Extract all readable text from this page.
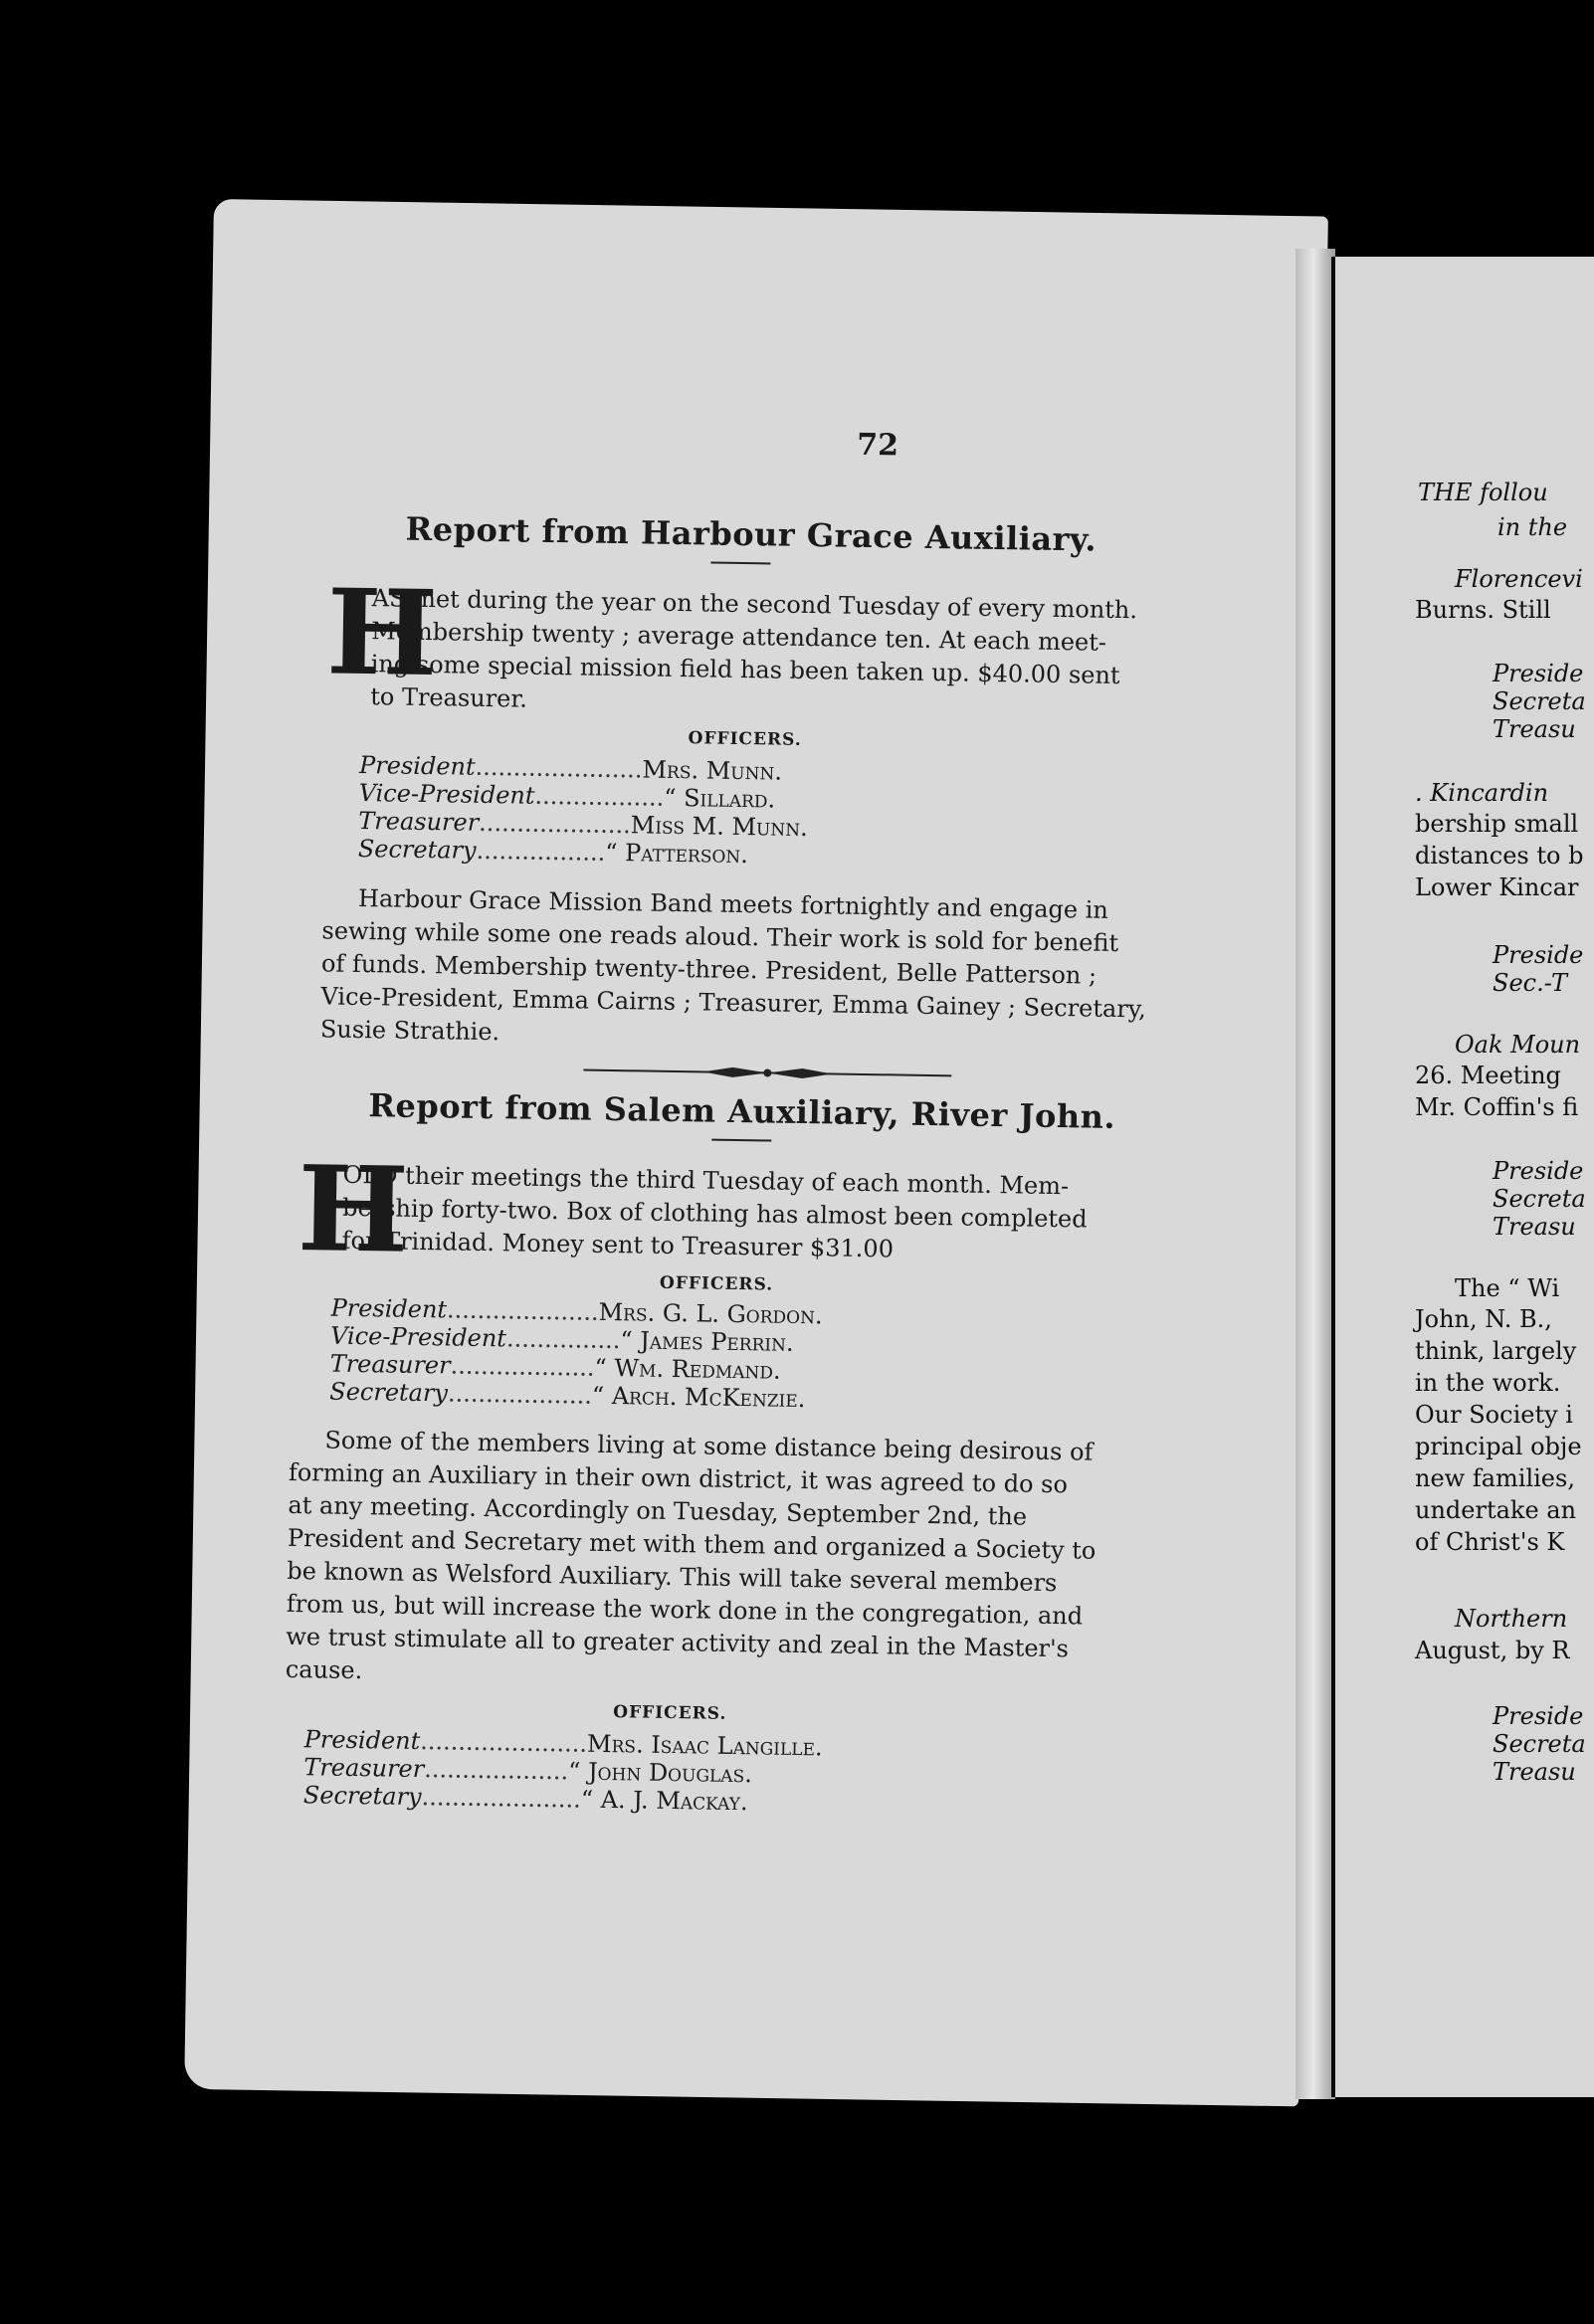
72
Report from Harbour Grace Auxiliary.
H
AS met during the year on the second Tuesday of every month.
Membership twenty ; average attendance ten. At each meet-
ing some special mission field has been taken up. $40.00 sent
to Treasurer.
OFFICERS.
President......................Mrs. Munn.
Vice-President.................“ Sillard.
Treasurer....................Miss M. Munn.
Secretary.................“ Patterson.
Harbour Grace Mission Band meets fortnightly and engage in
sewing while some one reads aloud. Their work is sold for benefit
of funds. Membership twenty-three. President, Belle Patterson ;
Vice-President, Emma Cairns ; Treasurer, Emma Gainey ; Secretary,
Susie Strathie.
Report from Salem Auxiliary, River John.
H
OLD their meetings the third Tuesday of each month. Mem-
bership forty-two. Box of clothing has almost been completed
for Trinidad. Money sent to Treasurer $31.00
OFFICERS.
President....................Mrs. G. L. Gordon.
Vice-President...............“ James Perrin.
Treasurer...................“ Wm. Redmand.
Secretary...................“ Arch. McKenzie.
Some of the members living at some distance being desirous of
forming an Auxiliary in their own district, it was agreed to do so
at any meeting. Accordingly on Tuesday, September 2nd, the
President and Secretary met with them and organized a Society to
be known as Welsford Auxiliary. This will take several members
from us, but will increase the work done in the congregation, and
we trust stimulate all to greater activity and zeal in the Master's
cause.
OFFICERS.
President......................Mrs. Isaac Langille.
Treasurer...................“ John Douglas.
Secretary.....................“ A. J. Mackay.
THE follou
in the
Florencevi
Burns. Still
Preside
Secreta
Treasu
. Kincardin
bership small
distances to b
Lower Kincar
Preside
Sec.-T
Oak Moun
26. Meeting
Mr. Coffin's fi
Preside
Secreta
Treasu
The “ Wi
John, N. B.,
think, largely
in the work.
Our Society i
principal obje
new families,
undertake an
of Christ's K
Northern
August, by R
Preside
Secreta
Treasu
